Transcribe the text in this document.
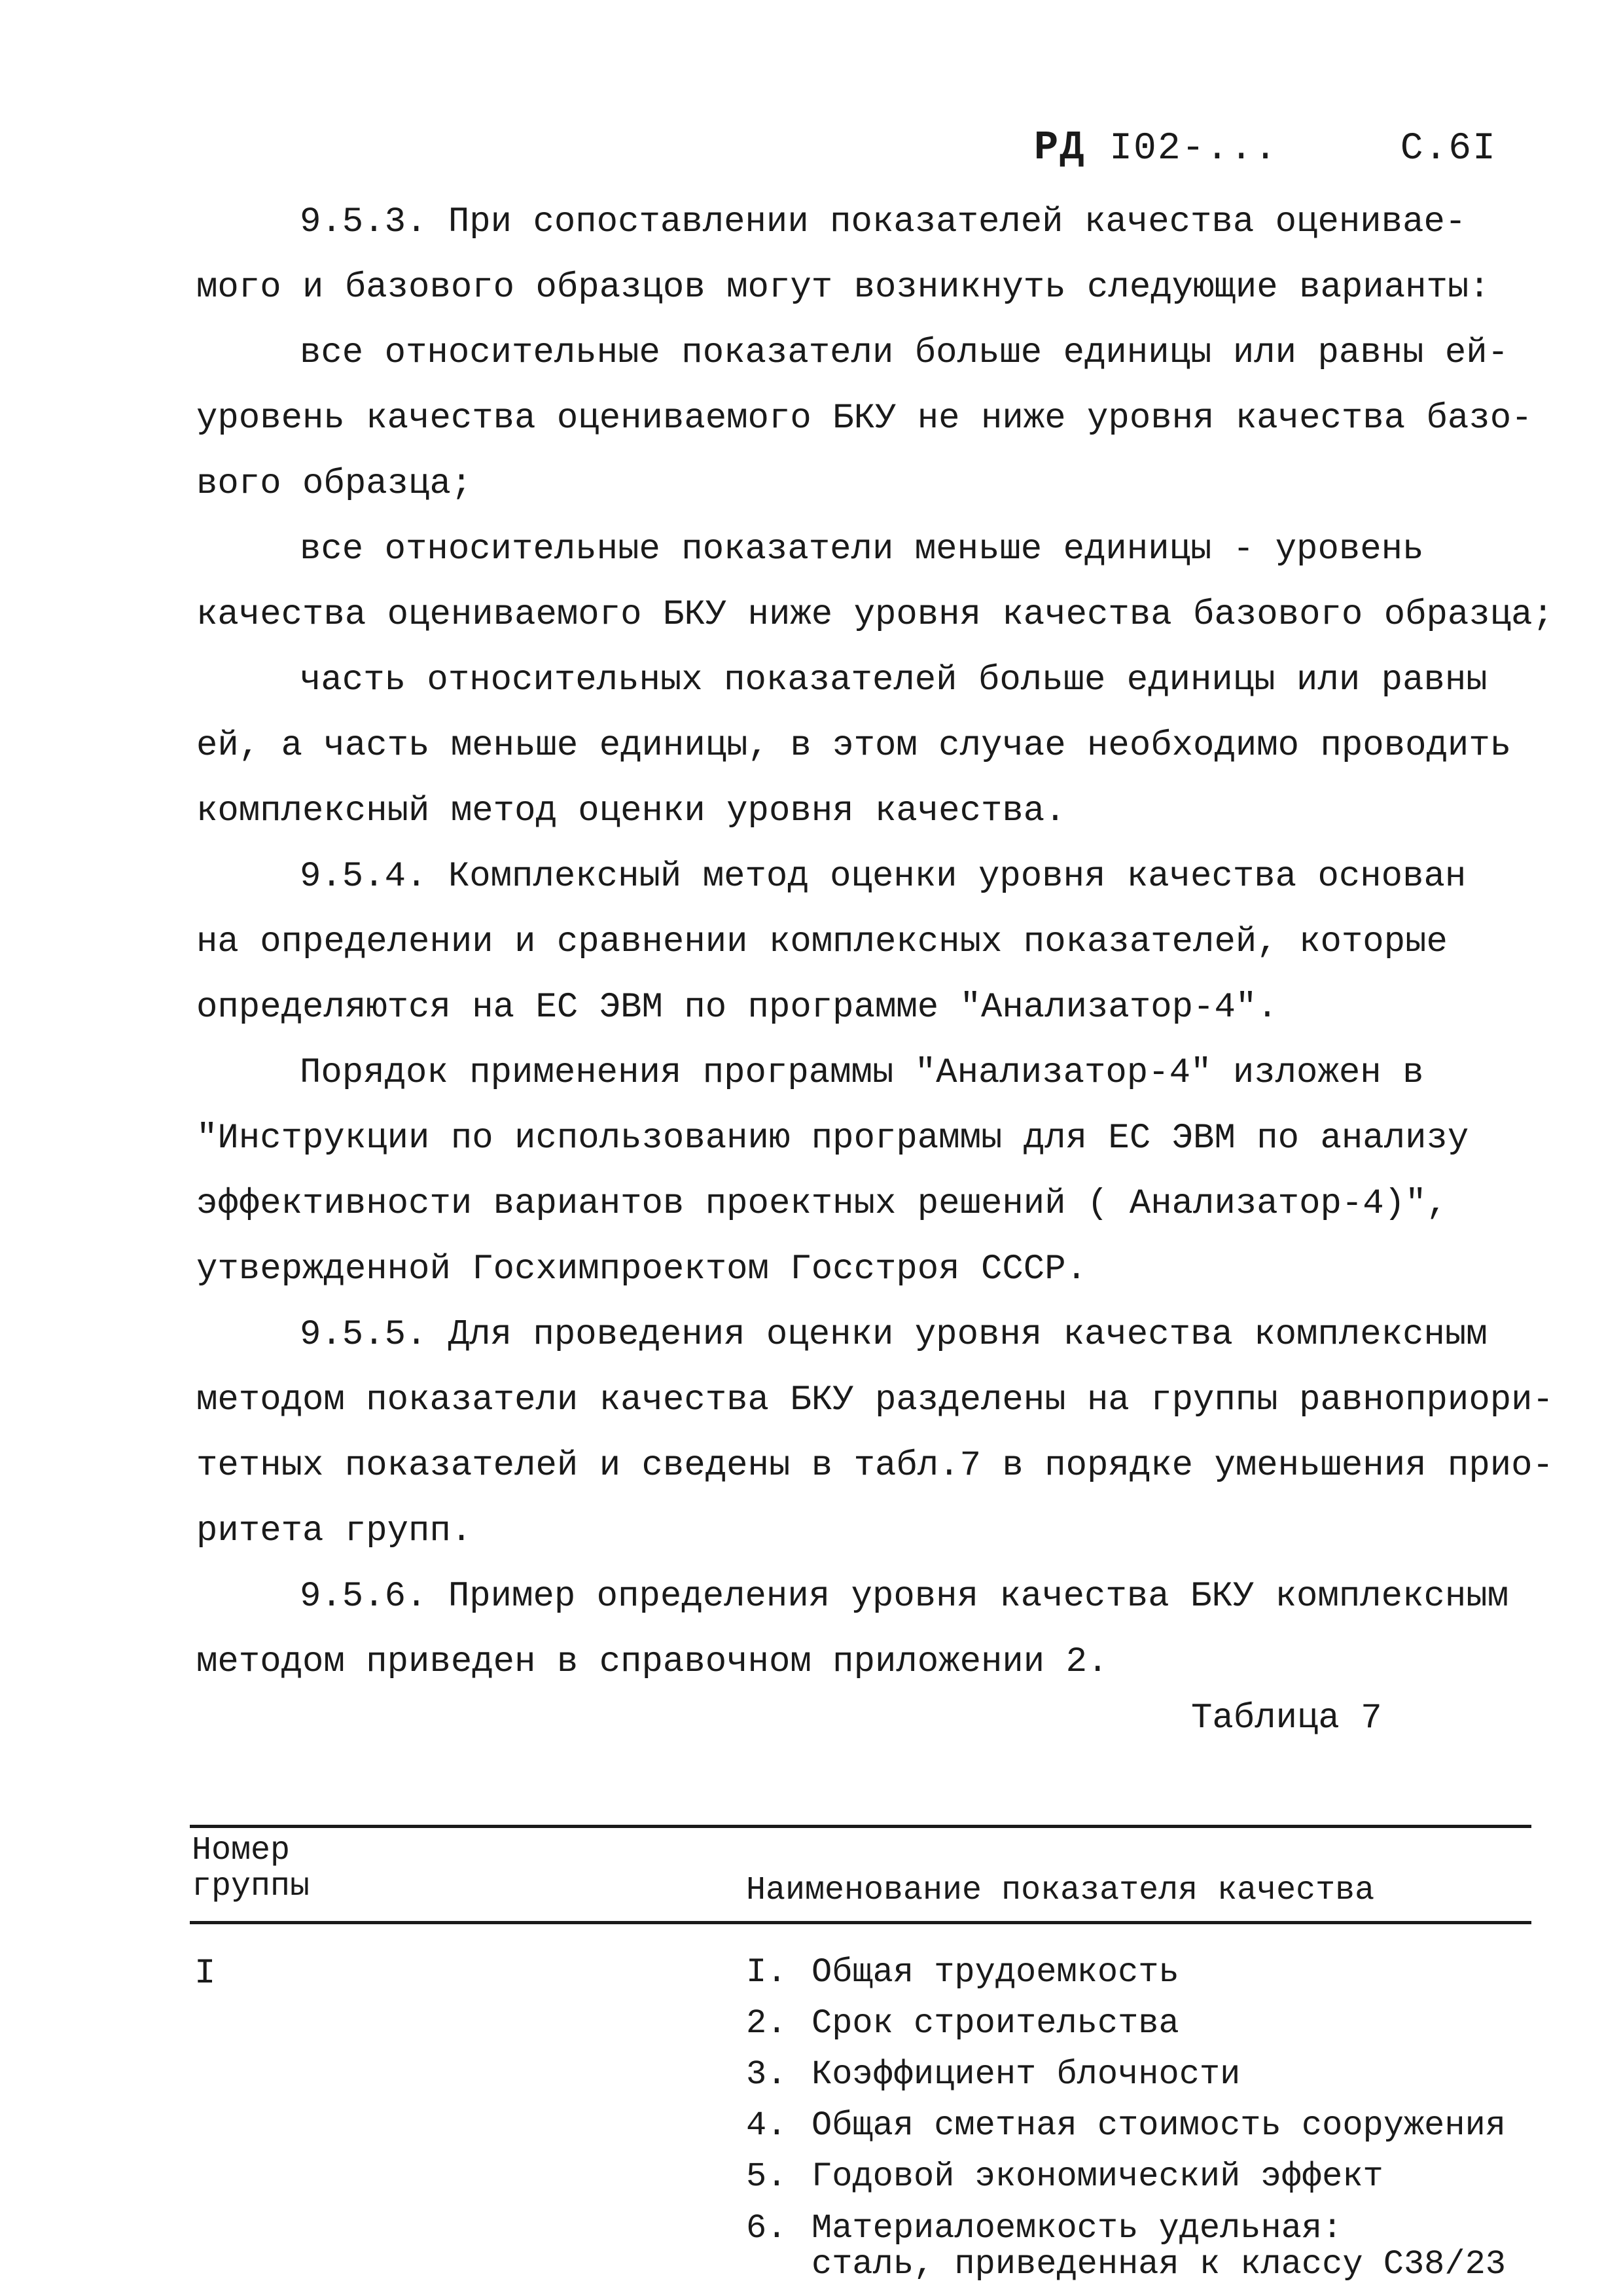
РД I02-...	С.6I
9.5.3. При сопоставлении показателей качества оценивае-
мого и базового образцов могут возникнуть следующие варианты:
все относительные показатели больше единицы или равны ей-
уровень качества оцениваемого БКУ не ниже уровня качества базо-
вого образца;
все относительные показатели меньше единицы - уровень
качества оцениваемого БКУ ниже уровня качества базового образца;
часть относительных показателей больше единицы или равны
ей, а часть меньше единицы, в этом случае необходимо проводить
комплексный метод оценки уровня качества.
9.5.4. Комплексный метод оценки уровня качества основан
на определении и сравнении комплексных показателей, которые
определяются на ЕС ЭВМ по программе "Анализатор-4".
Порядок применения программы "Анализатор-4" изложен в
"Инструкции по использованию программы для ЕС ЭВМ по анализу
эффективности вариантов проектных решений ( Анализатор-4)",
утвержденной Госхимпроектом Госстроя СССР.
9.5.5. Для проведения оценки уровня качества комплексным
методом показатели качества БКУ разделены на группы равноприори-
тетных показателей и сведены в табл.7 в порядке уменьшения прио-
ритета групп.
9.5.6. Пример определения уровня качества БКУ комплексным
методом приведен в справочном приложении 2.
Таблица 7
Номер
группы	Наименование показателя качества
I	I. Общая трудоемкость
2. Срок строительства
3. Коэффициент блочности
4. Общая сметная стоимость сооружения
5. Годовой экономический эффект
6. Материалоемкость удельная:
сталь, приведенная к классу С38/23
